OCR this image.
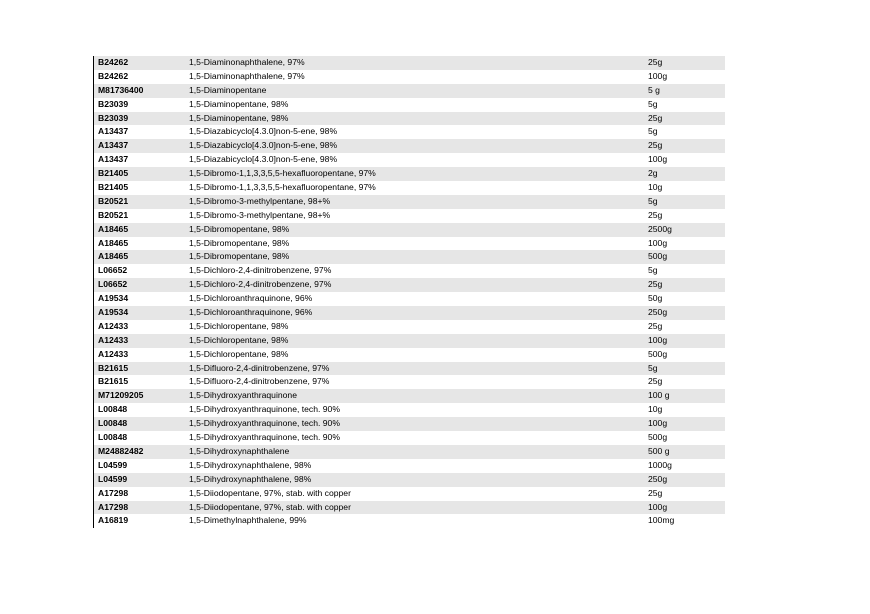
B24262	1,5-Diaminonaphthalene, 97%	25g
B24262	1,5-Diaminonaphthalene, 97%	100g
M81736400	1,5-Diaminopentane	5 g
B23039	1,5-Diaminopentane, 98%	5g
B23039	1,5-Diaminopentane, 98%	25g
A13437	1,5-Diazabicyclo[4.3.0]non-5-ene, 98%	5g
A13437	1,5-Diazabicyclo[4.3.0]non-5-ene, 98%	25g
A13437	1,5-Diazabicyclo[4.3.0]non-5-ene, 98%	100g
B21405	1,5-Dibromo-1,1,3,3,5,5-hexafluoropentane, 97%	2g
B21405	1,5-Dibromo-1,1,3,3,5,5-hexafluoropentane, 97%	10g
B20521	1,5-Dibromo-3-methylpentane, 98+%	5g
B20521	1,5-Dibromo-3-methylpentane, 98+%	25g
A18465	1,5-Dibromopentane, 98%	2500g
A18465	1,5-Dibromopentane, 98%	100g
A18465	1,5-Dibromopentane, 98%	500g
L06652	1,5-Dichloro-2,4-dinitrobenzene, 97%	5g
L06652	1,5-Dichloro-2,4-dinitrobenzene, 97%	25g
A19534	1,5-Dichloroanthraquinone, 96%	50g
A19534	1,5-Dichloroanthraquinone, 96%	250g
A12433	1,5-Dichloropentane, 98%	25g
A12433	1,5-Dichloropentane, 98%	100g
A12433	1,5-Dichloropentane, 98%	500g
B21615	1,5-Difluoro-2,4-dinitrobenzene, 97%	5g
B21615	1,5-Difluoro-2,4-dinitrobenzene, 97%	25g
M71209205	1,5-Dihydroxyanthraquinone	100 g
L00848	1,5-Dihydroxyanthraquinone, tech. 90%	10g
L00848	1,5-Dihydroxyanthraquinone, tech. 90%	100g
L00848	1,5-Dihydroxyanthraquinone, tech. 90%	500g
M24882482	1,5-Dihydroxynaphthalene	500 g
L04599	1,5-Dihydroxynaphthalene, 98%	1000g
L04599	1,5-Dihydroxynaphthalene, 98%	250g
A17298	1,5-Diiodopentane, 97%, stab. with copper	25g
A17298	1,5-Diiodopentane, 97%, stab. with copper	100g
A16819	1,5-Dimethylnaphthalene, 99%	100mg
